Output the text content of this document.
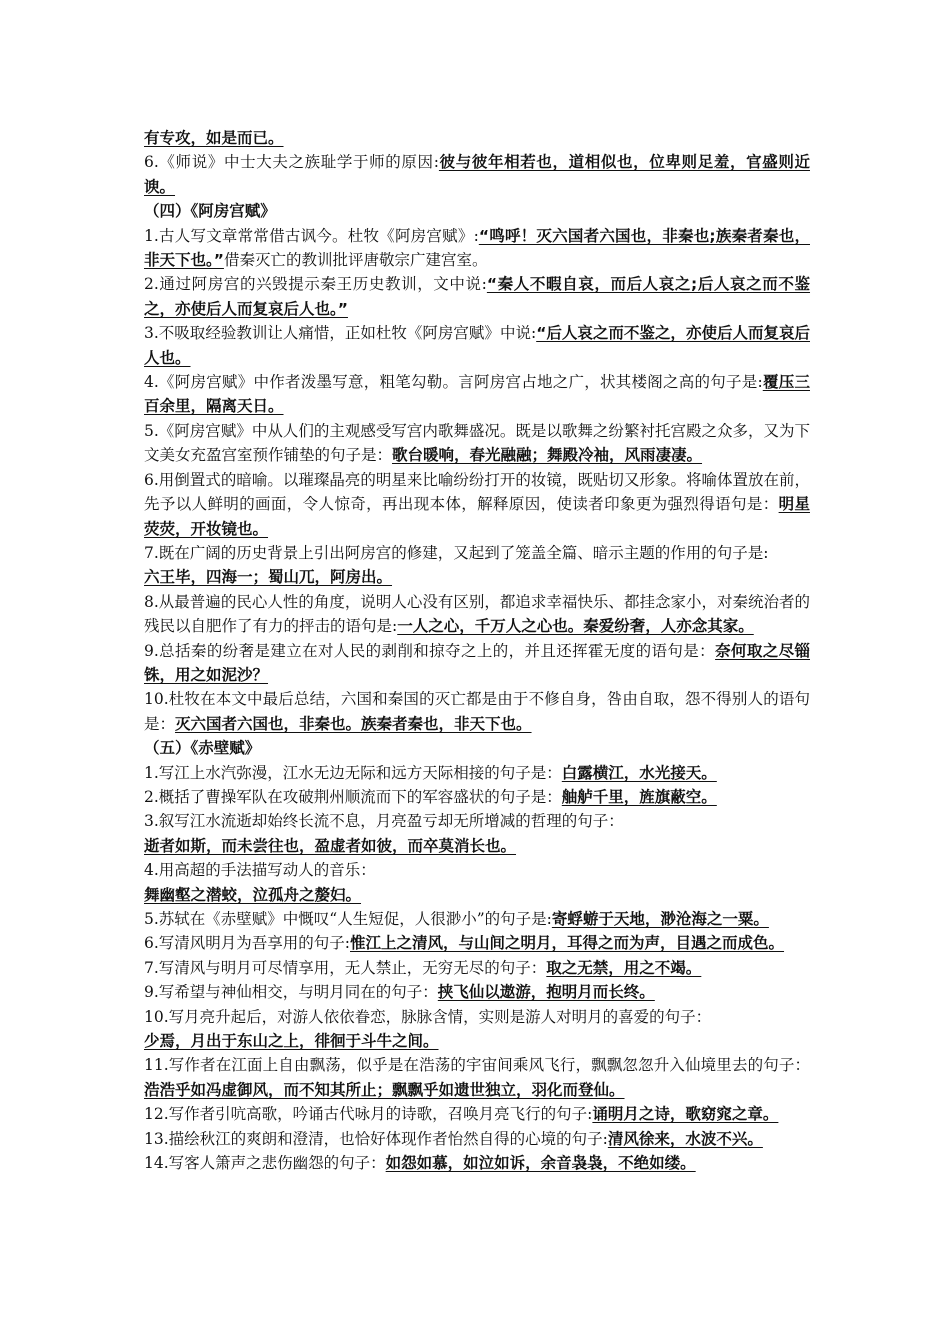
有专攻，如是而已。

6.《师说》中士大夫之族耻学于师的原因:彼与彼年相若也，道相似也，位卑则足羞，官盛则近谀。

（四）《阿房宫赋》

1.古人写文章常常借古讽今。杜牧《阿房宫赋》:“鸣呼！灭六国者六国也，非秦也;族秦者秦也，非天下也。”借秦灭亡的教训批评唐敬宗广建宫室。

2.通过阿房宫的兴毁提示秦王历史教训，文中说:“秦人不暇自哀，而后人哀之;后人哀之而不鉴之，亦使后人而复哀后人也。”

3.不吸取经验教训让人痛惜，正如杜牧《阿房宫赋》中说:“后人哀之而不鉴之，亦使后人而复哀后人也。

4.《阿房宫赋》中作者泼墨写意，粗笔勾勒。言阿房宫占地之广，状其楼阁之高的句子是:覆压三百余里，隔离天日。

5.《阿房宫赋》中从人们的主观感受写宫内歌舞盛况。既是以歌舞之纷繁衬托宫殿之众多，又为下文美女充盈宫室预作铺垫的句子是：歌台暖响，春光融融；舞殿冷袖，风雨凄凄。

6.用倒置式的暗喻。以璀璨晶亮的明星来比喻纷纷打开的妆镜，既贴切又形象。将喻体置放在前，先予以人鲜明的画面，令人惊奇，再出现本体，解释原因，使读者印象更为强烈得语句是：明星荧荧，开妆镜也。

7.既在广阔的历史背景上引出阿房宫的修建，又起到了笼盖全篇、暗示主题的作用的句子是:
六王毕，四海一；蜀山兀，阿房出。

8.从最普遍的民心人性的角度，说明人心没有区别，都追求幸福快乐、都挂念家小，对秦统治者的残民以自肥作了有力的抨击的语句是:一人之心，千万人之心也。秦爱纷奢，人亦念其家。

9.总括秦的纷奢是建立在对人民的剥削和掠夺之上的，并且还挥霍无度的语句是：奈何取之尽锱铢，用之如泥沙？

10.杜牧在本文中最后总结，六国和秦国的灭亡都是由于不修自身，咎由自取，怨不得别人的语句是：灭六国者六国也，非秦也。族秦者秦也，非天下也。

（五）《赤壁赋》

1.写江上水汽弥漫，江水无边无际和远方天际相接的句子是：白露横江，水光接天。

2.概括了曹操军队在攻破荆州顺流而下的军容盛状的句子是：舳舻千里，旌旗蔽空。

3.叙写江水流逝却始终长流不息，月亮盈亏却无所增减的哲理的句子：
逝者如斯，而未尝往也，盈虚者如彼，而卒莫消长也。

4.用高超的手法描写动人的音乐：
舞幽壑之潜蛟，泣孤舟之嫠妇。

5.苏轼在《赤壁赋》中慨叹“人生短促，人很渺小”的句子是:寄蜉蝣于天地，渺沧海之一粟。

6.写清风明月为吾享用的句子:惟江上之清风，与山间之明月，耳得之而为声，目遇之而成色。

7.写清风与明月可尽情享用，无人禁止，无穷无尽的句子：取之无禁，用之不竭。

9.写希望与神仙相交，与明月同在的句子：挟飞仙以遨游，抱明月而长终。

10.写月亮升起后，对游人依依眷恋，脉脉含情，实则是游人对明月的喜爱的句子：
少焉，月出于东山之上，徘徊于斗牛之间。

11.写作者在江面上自由飘荡，似乎是在浩荡的宇宙间乘风飞行，飘飘忽忽升入仙境里去的句子：浩浩乎如冯虚御风，而不知其所止；飘飘乎如遗世独立，羽化而登仙。

12.写作者引吭高歌，吟诵古代咏月的诗歌，召唤月亮飞行的句子:诵明月之诗，歌窈窕之章。

13.描绘秋江的爽朗和澄清，也恰好体现作者怡然自得的心境的句子:清风徐来，水波不兴。

14.写客人箫声之悲伤幽怨的句子：如怨如慕，如泣如诉，余音袅袅，不绝如缕。
